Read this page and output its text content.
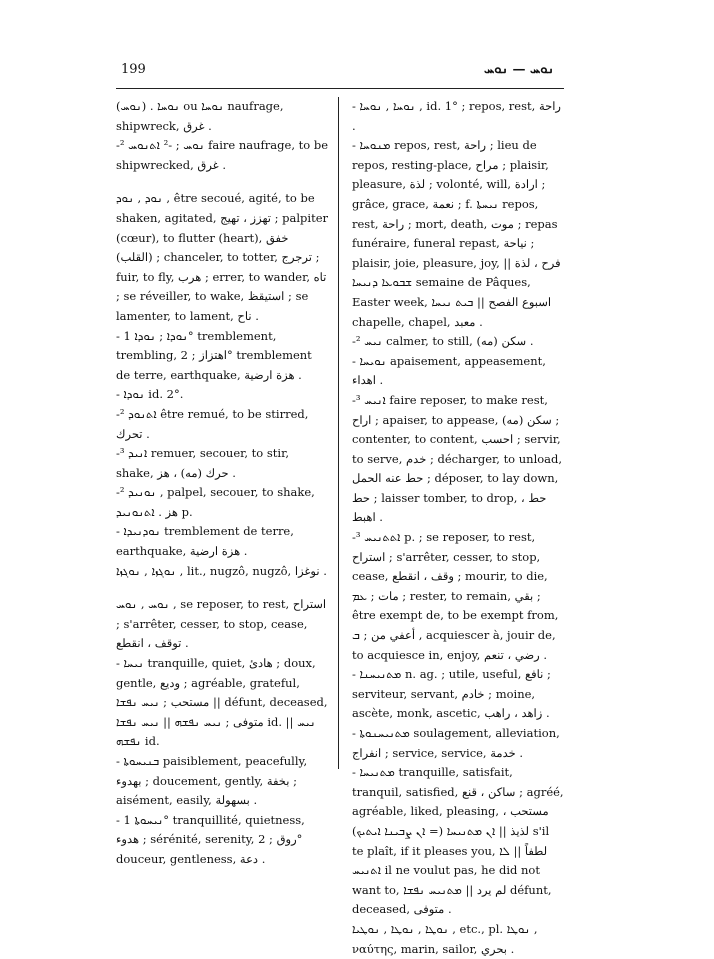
199	ܢܘܚ — ܢܘܚ

(ܢܘܚ) . ܢܘܚܐ ou ܢܘܚܐ naufrage, shipwreck, غرق .

-² ܢܘܚ ; -² ܐܬܢܘܚ faire naufrage, to be shipwrecked, غرق .

ܢܘܕ , ܢܘܕ , être secoué, agité, to be shaken, agitated, تهزز ، تهيج ; palpiter (cœur), to flutter (heart), خفق (القلب) ; chanceler, to totter, ترجرج ; fuir, to fly, هرب ; errer, to wander, تاه ; se réveiller, to wake, استيقظ ; se lamenter, to lament, ناح .

- ܢܘܕܐ ; ܢܘܕܐ 1° tremblement, trembling, اهتزاز ; 2° tremblement de terre, earthquake, هزة ارضية .

- ܢܘܕܐ id. 2°.

-² ܐܬܢܘܕ être remué, to be stirred, تحرك .

-³ ܐܢܝܕ remuer, secouer, to stir, shake, حرك (مه) ، هز .

-² ܢܘܢܝܕ , palpel, secouer, to shake, هز . ܐܬܢܘܢܝܕ p.

- ܢܘܕܢܝܕܐ tremblement de terre, earthquake, هزة ارضية .

ܢܘܓܙܐ , ܢܘܓܙܐ , lit., nugzô, nugzô, نوغزا .

ܢܘܚ , ܢܘܚ , se reposer, to rest, استراح ; s'arrêter, cesser, to stop, cease, توقف ، انقطع .

- ܢܝܚܐ tranquille, quiet, هادئ ; doux, gentle, وديع ; agréable, grateful, مستحب ; ܢܝܚ ܢܦܫܐ || défunt, deceased, متوفى ; ܢܝܚ ܢܦܫܗ || ܢܝܚ ܢܦܫܐ id. || ܢܝܚ ܢܦܫܗ id.

- ܒܢܝܚܘܬܐ paisiblement, peacefully, بهدوء ; doucement, gently, بخفة ; aisément, easily, بسهولة .

- ܢܝܚܘܬܐ 1° tranquillité, quietness, هدوء ; sérénité, serenity, روق ; 2° douceur, gentleness, دعة .

- ܢܘܚܐ , ܢܘܚܐ , id. 1° ; repos, rest, راحة .

- ܡܢܘܚܐ repos, rest, راحة ; lieu de repos, resting-place, مراح ; plaisir, pleasure, لذة ; volonté, will, ارادة ; grâce, grace, نعمة ; f. ܢܝܚܬܐ repos, rest, راحة ; mort, death, موت ; repas funéraire, funeral repast, نياحة ; plaisir, joie, pleasure, joy, فرح ، لذة || ܫܒܘܥܐ ܕܢܝܚܐ semaine de Pâques, Easter week, اسبوع الفصح || ܒܝܬ ܢܝܚܐ chapelle, chapel, معبد .

-² ܢܝܚ calmer, to still, سكن (مه) .

- ܢܘܝܚܐ apaisement, appeasement, اهداء .

-³ ܐܢܝܚ faire reposer, to make rest, اراح ; apaiser, to appease, سكن (مه) ; contenter, to content, احسب ; servir, to serve, خدم ; décharger, to unload, حط عنه الحمل ; déposer, to lay down, حط ; laisser tomber, to drop, حط ، اهبط .

-³ ܐܬܬܢܝܚ p. ; se reposer, to rest, استراح ; s'arrêter, cesser, to stop, cease, وقف ، انقطع ; mourir, to die, مات ; ܥܡ ; rester, to remain, بقي ; être exempt de, to be exempt from, أعفي من ; ܒ , acquiescer à, jouir de, to acquiesce in, enjoy, رضي ، تنعم .

- ܡܬܢܝܚܢܐ n. ag. ; utile, useful, نافع ; serviteur, servant, خادم ; moine, ascète, monk, ascetic, زاهد ، راهب .

- ܡܬܢܝܚܢܘܬܐ soulagement, alleviation, انفراج ; service, service, خدمة .

- ܡܬܢܝܚܐ tranquille, satisfait, tranquil, satisfied, ساكن ، قنع ; agréé, agréable, liked, pleasing, مستحب ، لذيذ || ܐܢ ܡܬܢܝܚܐ (= ܐܢ ܨܒܝܢܐ ܐܝܬܝܟ) s'il te plaît, if it pleases you, لطفاً || ܠܐ ܐܬܢܝܚ il ne voulut pas, he did not want to, لم يرد || ܡܬܢܝܚ ܢܦܫܐ défunt, deceased, متوفى .

ܢܘܛܐ , ܢܘܛܐ , ܢܘܛܝܐ , etc., pl. ܢܘܛܐ , ναύτης, marin, sailor, بحري .
